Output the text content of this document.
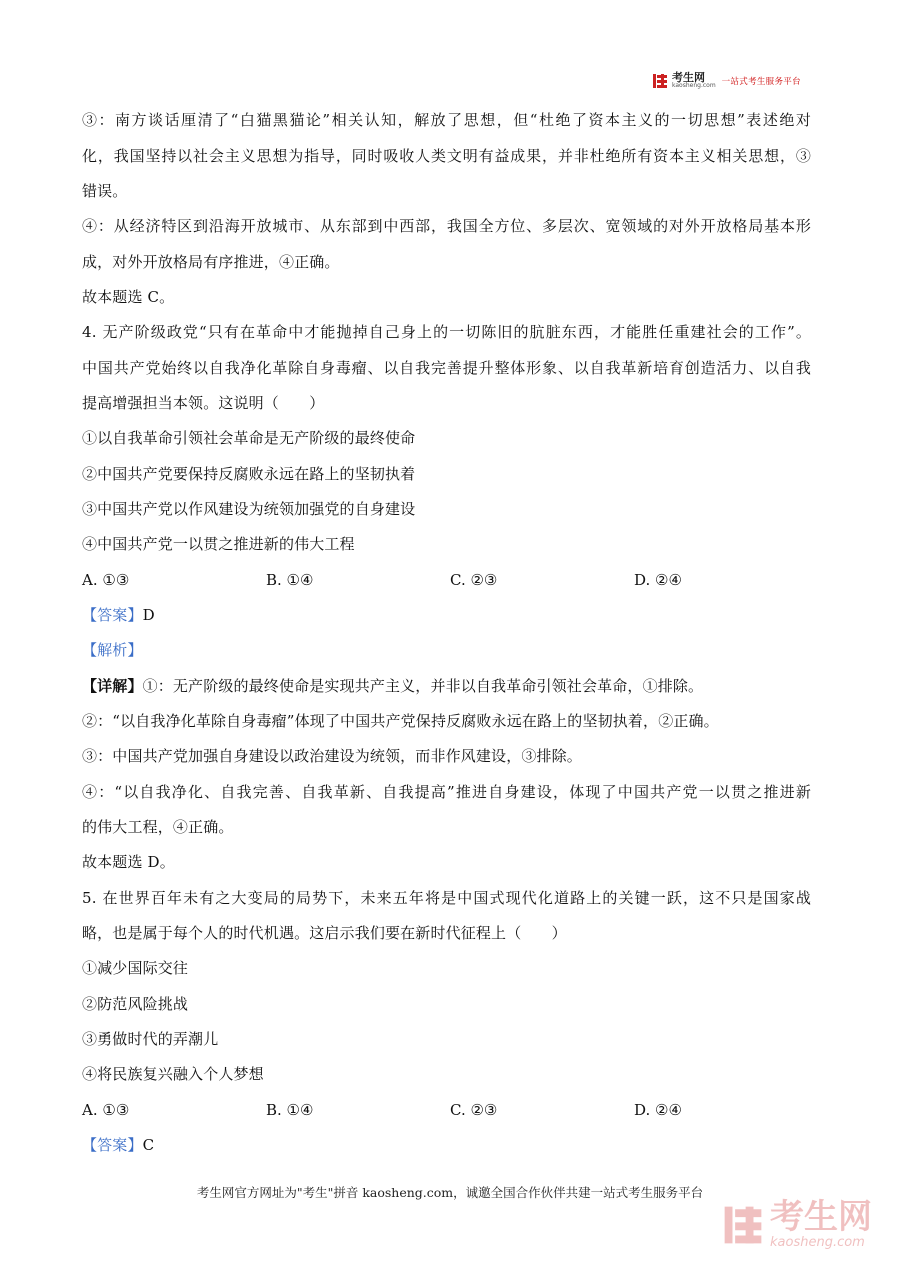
考生网
kaosheng.com 一站式考生服务平台
③：南方谈话厘清了“白猫黑猫论”相关认知，解放了思想，但“杜绝了资本主义的一切思想”表述绝对
化，我国坚持以社会主义思想为指导，同时吸收人类文明有益成果，并非杜绝所有资本主义相关思想，③
错误。
④：从经济特区到沿海开放城市、从东部到中西部，我国全方位、多层次、宽领域的对外开放格局基本形
成，对外开放格局有序推进，④正确。
故本题选 C。
4. 无产阶级政党“只有在革命中才能抛掉自己身上的一切陈旧的肮脏东西，才能胜任重建社会的工作”。
中国共产党始终以自我净化革除自身毒瘤、以自我完善提升整体形象、以自我革新培育创造活力、以自我
提高增强担当本领。这说明（　　）
①以自我革命引领社会革命是无产阶级的最终使命
②中国共产党要保持反腐败永远在路上的坚韧执着
③中国共产党以作风建设为统领加强党的自身建设
④中国共产党一以贯之推进新的伟大工程
A. ①③	B. ①④	C. ②③	D. ②④
【答案】D
【解析】
【详解】①：无产阶级的最终使命是实现共产主义，并非以自我革命引领社会革命，①排除。
②：“以自我净化革除自身毒瘤”体现了中国共产党保持反腐败永远在路上的坚韧执着，②正确。
③：中国共产党加强自身建设以政治建设为统领，而非作风建设，③排除。
④：“以自我净化、自我完善、自我革新、自我提高”推进自身建设，体现了中国共产党一以贯之推进新
的伟大工程，④正确。
故本题选 D。
5. 在世界百年未有之大变局的局势下，未来五年将是中国式现代化道路上的关键一跃，这不只是国家战
略，也是属于每个人的时代机遇。这启示我们要在新时代征程上（　　）
①减少国际交往
②防范风险挑战
③勇做时代的弄潮儿
④将民族复兴融入个人梦想
A. ①③	B. ①④	C. ②③	D. ②④
【答案】C
考生网官方网址为"考生"拼音 kaosheng.com，诚邀全国合作伙伴共建一站式考生服务平台
考生网
kaosheng.com
